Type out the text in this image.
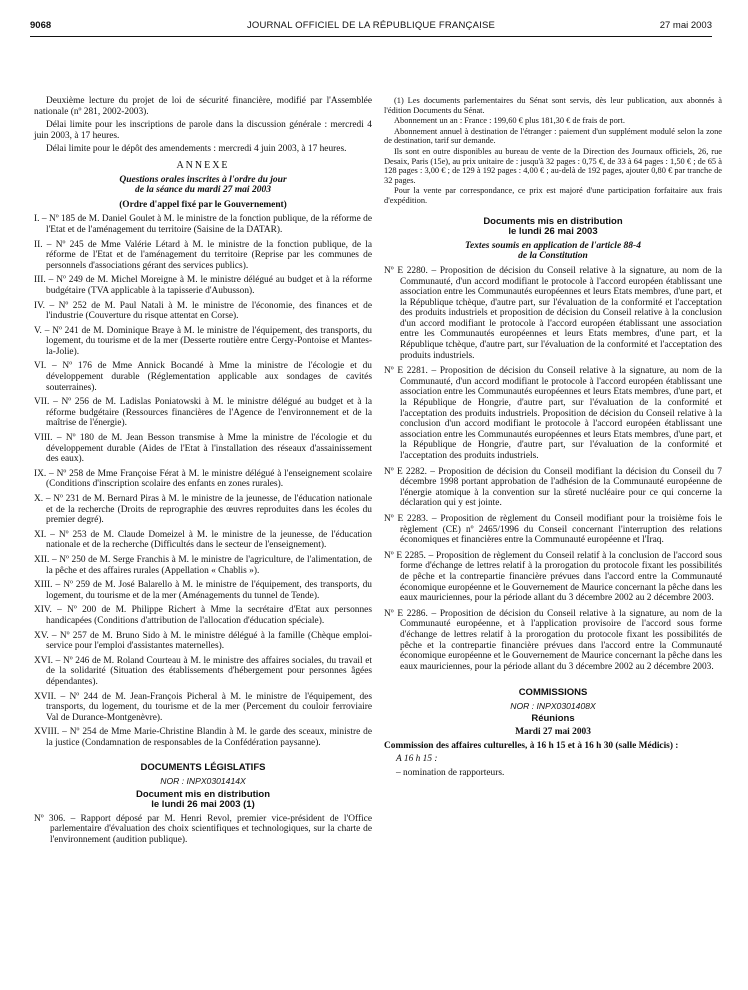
9068	JOURNAL OFFICIEL DE LA RÉPUBLIQUE FRANÇAISE	27 mai 2003

Deuxième lecture du projet de loi de sécurité financière, modifié par l'Assemblée nationale (nº 281, 2002-2003).

Délai limite pour les inscriptions de parole dans la discussion générale : mercredi 4 juin 2003, à 17 heures.

Délai limite pour le dépôt des amendements : mercredi 4 juin 2003, à 17 heures.

ANNEXE
Questions orales inscrites à l'ordre du jour
de la séance du mardi 27 mai 2003
(Ordre d'appel fixé par le Gouvernement)
I. – Nº 185 de M. Daniel Goulet à M. le ministre de la fonction publique, de la réforme de l'Etat et de l'aménagement du territoire (Saisine de la DATAR).
II. – Nº 245 de Mme Valérie Létard à M. le ministre de la fonction publique, de la réforme de l'Etat et de l'aménagement du territoire (Reprise par les communes de personnels d'associations gérant des services publics).
III. – Nº 249 de M. Michel Moreigne à M. le ministre délégué au budget et à la réforme budgétaire (TVA applicable à la tapisserie d'Aubusson).
IV. – Nº 252 de M. Paul Natali à M. le ministre de l'économie, des finances et de l'industrie (Couverture du risque attentat en Corse).
V. – Nº 241 de M. Dominique Braye à M. le ministre de l'équipement, des transports, du logement, du tourisme et de la mer (Desserte routière entre Cergy-Pontoise et Mantes-la-Jolie).
VI. – Nº 176 de Mme Annick Bocandé à Mme la ministre de l'écologie et du développement durable (Réglementation applicable aux sondages de cavités souterraines).
VII. – Nº 256 de M. Ladislas Poniatowski à M. le ministre délégué au budget et à la réforme budgétaire (Ressources financières de l'Agence de l'environnement et de la maîtrise de l'énergie).
VIII. – Nº 180 de M. Jean Besson transmise à Mme la ministre de l'écologie et du développement durable (Aides de l'Etat à l'installation des réseaux d'assainissement des eaux).
IX. – Nº 258 de Mme Françoise Férat à M. le ministre délégué à l'enseignement scolaire (Conditions d'inscription scolaire des enfants en zones rurales).
X. – Nº 231 de M. Bernard Piras à M. le ministre de la jeunesse, de l'éducation nationale et de la recherche (Droits de reprographie des œuvres reproduites dans les écoles du premier degré).
XI. – Nº 253 de M. Claude Domeizel à M. le ministre de la jeunesse, de l'éducation nationale et de la recherche (Difficultés dans le secteur de l'enseignement).
XII. – Nº 250 de M. Serge Franchis à M. le ministre de l'agriculture, de l'alimentation, de la pêche et des affaires rurales (Appellation « Chablis »).
XIII. – Nº 259 de M. José Balarello à M. le ministre de l'équipement, des transports, du logement, du tourisme et de la mer (Aménagements du tunnel de Tende).
XIV. – Nº 200 de M. Philippe Richert à Mme la secrétaire d'Etat aux personnes handicapées (Conditions d'attribution de l'allocation d'éducation spéciale).
XV. – Nº 257 de M. Bruno Sido à M. le ministre délégué à la famille (Chèque emploi-service pour l'emploi d'assistantes maternelles).
XVI. – Nº 246 de M. Roland Courteau à M. le ministre des affaires sociales, du travail et de la solidarité (Situation des établissements d'hébergement pour personnes âgées dépendantes).
XVII. – Nº 244 de M. Jean-François Picheral à M. le ministre de l'équipement, des transports, du logement, du tourisme et de la mer (Percement du couloir ferroviaire Val de Durance-Montgenèvre).
XVIII. – Nº 254 de Mme Marie-Christine Blandin à M. le garde des sceaux, ministre de la justice (Condamnation de responsables de la Confédération paysanne).
DOCUMENTS LÉGISLATIFS
NOR : INPX0301414X
Document mis en distribution
le lundi 26 mai 2003 (1)
Nº 306. – Rapport déposé par M. Henri Revol, premier vice-président de l'Office parlementaire d'évaluation des choix scientifiques et technologiques, sur la charte de l'environnement (audition publique).

(1) Les documents parlementaires du Sénat sont servis, dès leur publication, aux abonnés à l'édition Documents du Sénat.

Abonnement un an : France : 199,60 € plus 181,30 € de frais de port.

Abonnement annuel à destination de l'étranger : paiement d'un supplément modulé selon la zone de destination, tarif sur demande.

Ils sont en outre disponibles au bureau de vente de la Direction des Journaux officiels, 26, rue Desaix, Paris (15e), au prix unitaire de : jusqu'à 32 pages : 0,75 €, de 33 à 64 pages : 1,50 € ; de 65 à 128 pages : 3,00 € ; de 129 à 192 pages : 4,00 € ; au-delà de 192 pages, ajouter 0,80 € par tranche de 32 pages.

Pour la vente par correspondance, ce prix est majoré d'une participation forfaitaire aux frais d'expédition.

Documents mis en distribution
le lundi 26 mai 2003
Textes soumis en application de l'article 88-4
de la Constitution
Nº E 2280. – Proposition de décision du Conseil relative à la signature, au nom de la Communauté, d'un accord modifiant le protocole à l'accord européen établissant une association entre les Communautés européennes et leurs Etats membres, d'une part, et la République tchèque, d'autre part, sur l'évaluation de la conformité et l'acceptation des produits industriels et proposition de décision du Conseil relative à la conclusion d'un accord modifiant le protocole à l'accord européen établissant une association entre les Communautés européennes et leurs Etats membres, d'une part, et la République tchèque, d'autre part, sur l'évaluation de la conformité et l'acceptation des produits industriels.
Nº E 2281. – Proposition de décision du Conseil relative à la signature, au nom de la Communauté, d'un accord modifiant le protocole à l'accord européen établissant une association entre les Communautés européennes et leurs Etats membres, d'une part, et la République de Hongrie, d'autre part, sur l'évaluation de la conformité et l'acceptation des produits industriels. Proposition de décision du Conseil relative à la conclusion d'un accord modifiant le protocole à l'accord européen établissant une association entre les Communautés européennes et leurs Etats membres, d'une part, et la République de Hongrie, d'autre part, sur l'évaluation de la conformité et l'acceptation des produits industriels.
Nº E 2282. – Proposition de décision du Conseil modifiant la décision du Conseil du 7 décembre 1998 portant approbation de l'adhésion de la Communauté européenne de l'énergie atomique à la convention sur la sûreté nucléaire pour ce qui concerne la déclaration qui y est jointe.
Nº E 2283. – Proposition de règlement du Conseil modifiant pour la troisième fois le règlement (CE) nº 2465/1996 du Conseil concernant l'interruption des relations économiques et financières entre la Communauté européenne et l'Iraq.
Nº E 2285. – Proposition de règlement du Conseil relatif à la conclusion de l'accord sous forme d'échange de lettres relatif à la prorogation du protocole fixant les possibilités de pêche et la contrepartie financière prévues dans l'accord entre la Communauté économique européenne et le Gouvernement de Maurice concernant la pêche dans les eaux mauriciennes, pour la période allant du 3 décembre 2002 au 2 décembre 2003.
Nº E 2286. – Proposition de décision du Conseil relative à la signature, au nom de la Communauté européenne, et à l'application provisoire de l'accord sous forme d'échange de lettres relatif à la prorogation du protocole fixant les possibilités de pêche et la contrepartie financière prévues dans l'accord entre la Communauté économique européenne et le Gouvernement de Maurice concernant la pêche dans les eaux mauriciennes, pour la période allant du 3 décembre 2002 au 2 décembre 2003.
COMMISSIONS
NOR : INPX0301408X
Réunions
Mardi 27 mai 2003

Commission des affaires culturelles, à 16 h 15 et à 16 h 30 (salle Médicis) :

A 16 h 15 :

– nomination de rapporteurs.
